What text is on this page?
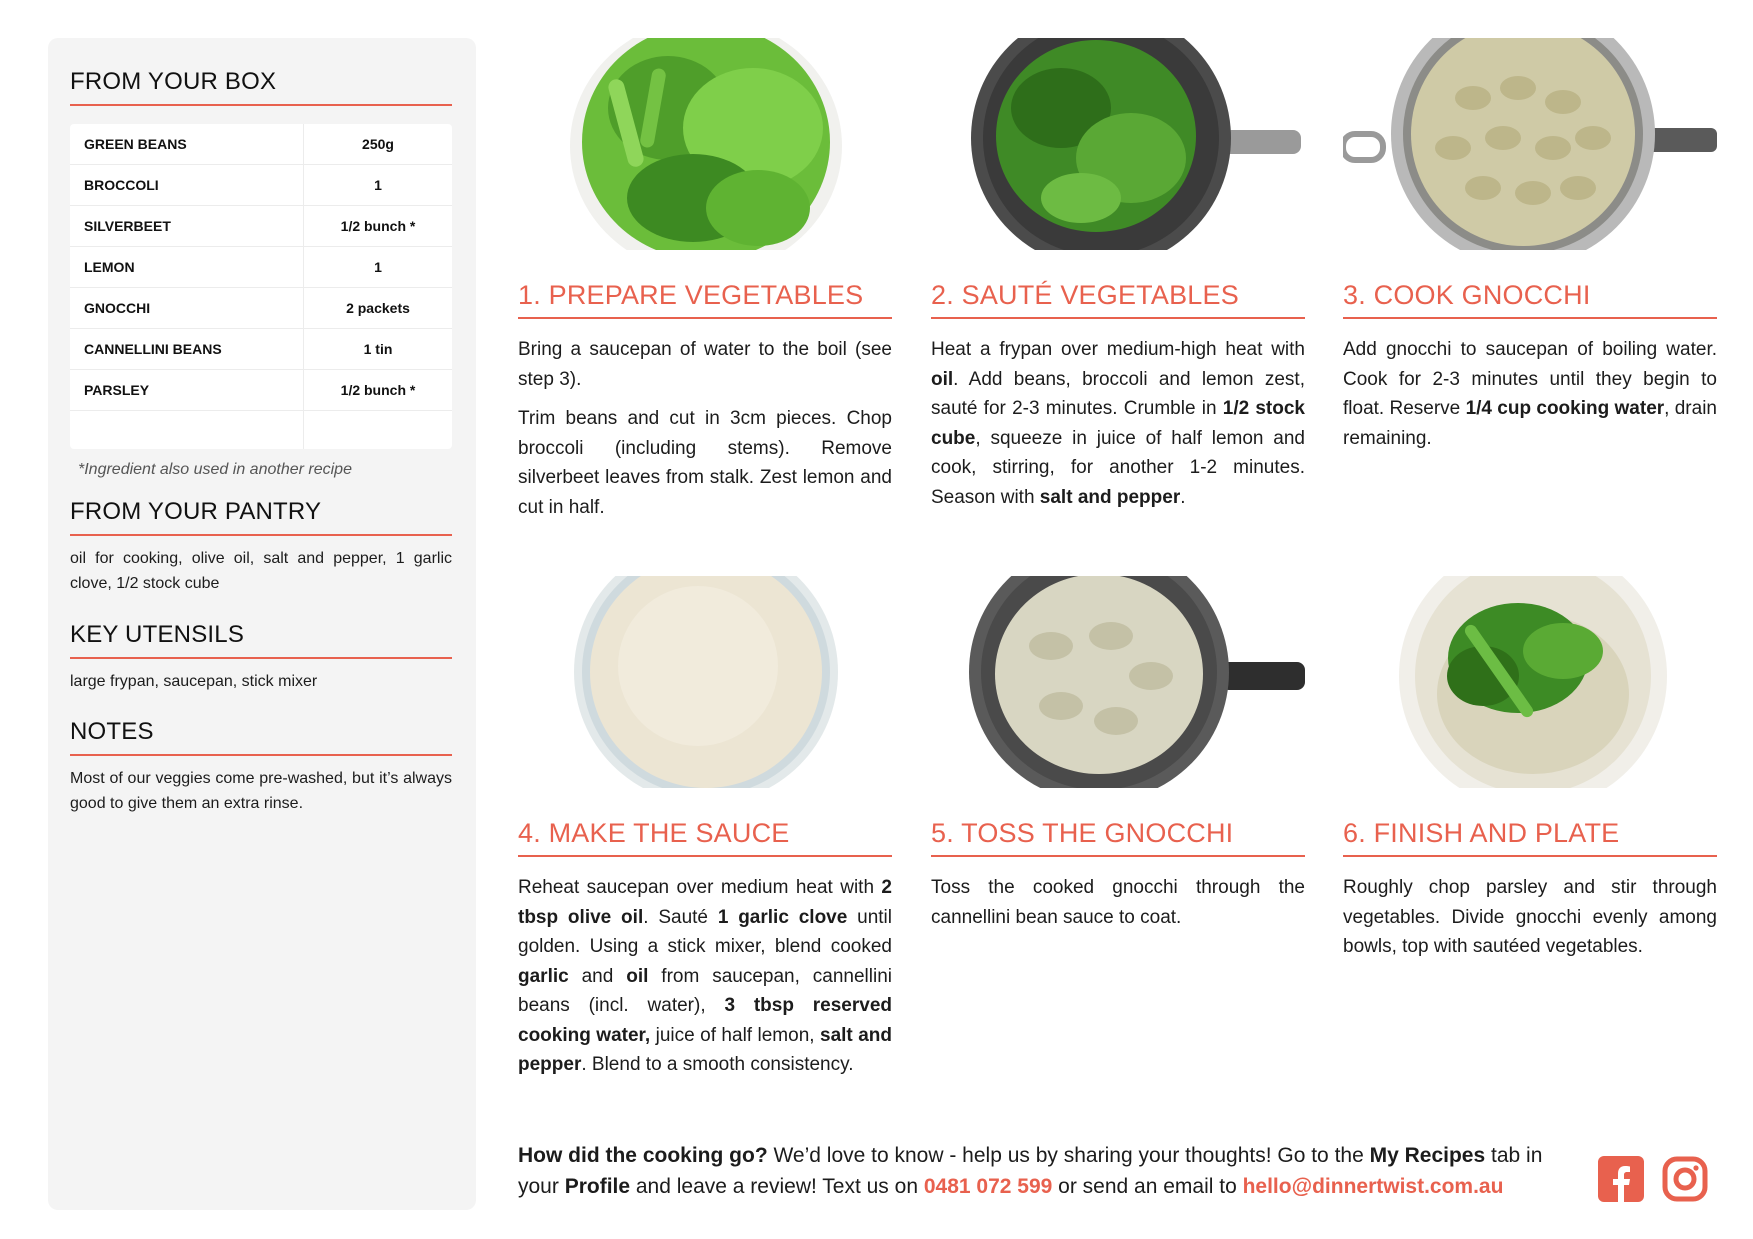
FROM YOUR BOX
GREEN BEANS	250g
BROCCOLI	1
SILVERBEET	1/2 bunch *
LEMON	1
GNOCCHI	2 packets
CANNELLINI BEANS	1 tin
PARSLEY	1/2 bunch *

*Ingredient also used in another recipe

FROM YOUR PANTRY

oil for cooking, olive oil, salt and pepper, 1 garlic clove, 1/2 stock cube

KEY UTENSILS

large frypan, saucepan, stick mixer

NOTES

Most of our veggies come pre-washed, but it’s always good to give them an extra rinse.

1. PREPARE VEGETABLES

Bring a saucepan of water to the boil (see step 3).

Trim beans and cut in 3cm pieces. Chop broccoli (including stems). Remove silverbeet leaves from stalk. Zest lemon and cut in half.

2. SAUTÉ VEGETABLES

Heat a frypan over medium-high heat with oil. Add beans, broccoli and lemon zest, sauté for 2-3 minutes. Crumble in 1/2 stock cube, squeeze in juice of half lemon and cook, stirring, for another 1-2 minutes. Season with salt and pepper.

3. COOK GNOCCHI

Add gnocchi to saucepan of boiling water. Cook for 2-3 minutes until they begin to float. Reserve 1/4 cup cooking water, drain remaining.

4. MAKE THE SAUCE

Reheat saucepan over medium heat with 2 tbsp olive oil. Sauté 1 garlic clove until golden. Using a stick mixer, blend cooked garlic and oil from saucepan, cannellini beans (incl. water), 3 tbsp reserved cooking water, juice of half lemon, salt and pepper. Blend to a smooth consistency.

5. TOSS THE GNOCCHI

Toss the cooked gnocchi through the cannellini bean sauce to coat.

6. FINISH AND PLATE

Roughly chop parsley and stir through vegetables. Divide gnocchi evenly among bowls, top with sautéed vegetables.

How did the cooking go? We’d love to know - help us by sharing your thoughts! Go to the My Recipes tab in your Profile and leave a review! Text us on 0481 072 599 or send an email to hello@dinnertwist.com.au
